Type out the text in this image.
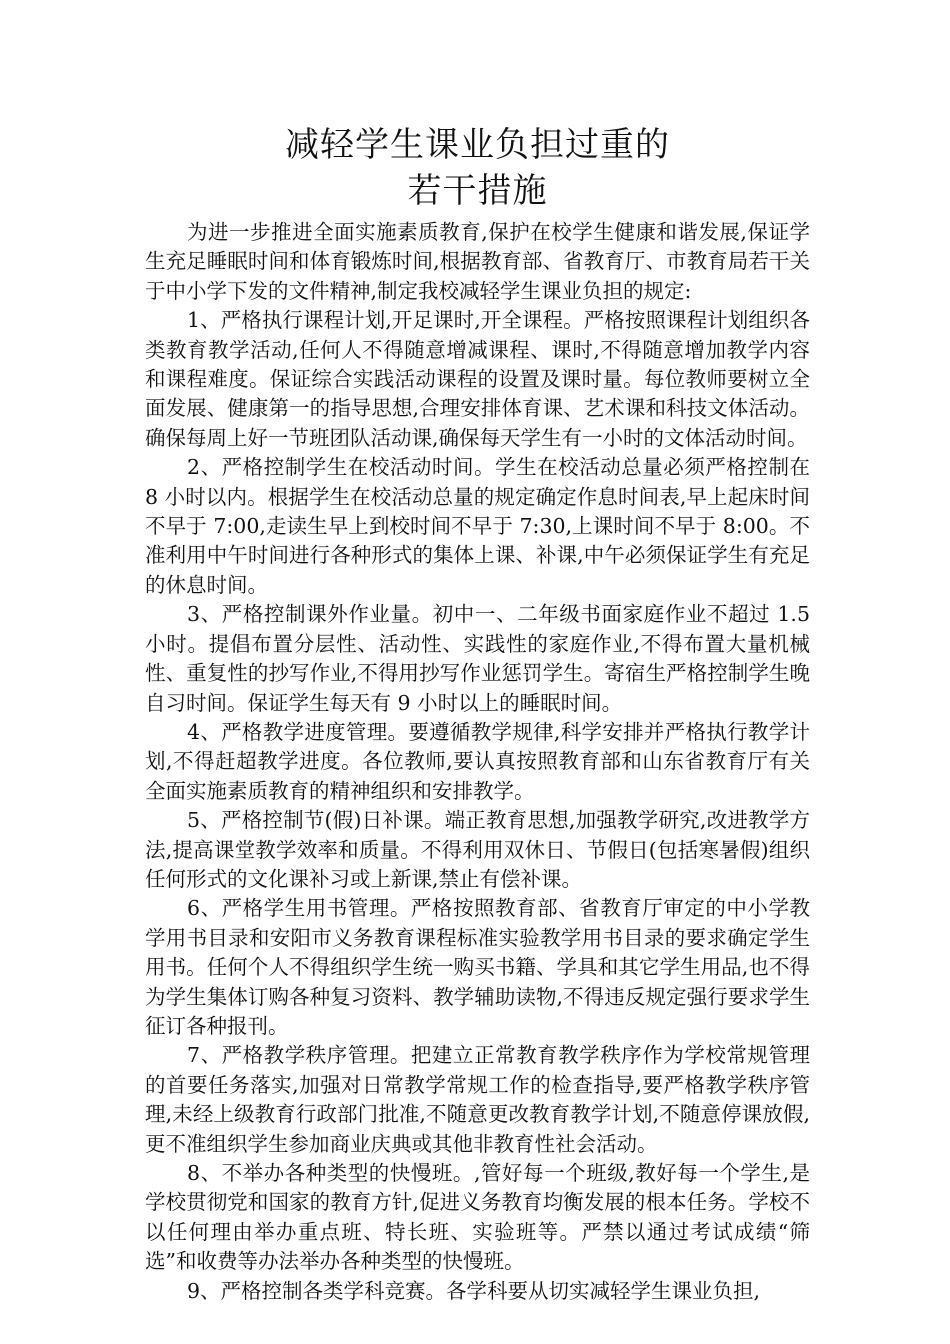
减轻学生课业负担过重的
若干措施

为进一步推进全面实施素质教育,保护在校学生健康和谐发展,保证学生充足睡眠时间和体育锻炼时间,根据教育部、省教育厅、市教育局若干关于中小学下发的文件精神,制定我校减轻学生课业负担的规定:

1、严格执行课程计划,开足课时,开全课程。严格按照课程计划组织各类教育教学活动,任何人不得随意增减课程、课时,不得随意增加教学内容和课程难度。保证综合实践活动课程的设置及课时量。每位教师要树立全面发展、健康第一的指导思想,合理安排体育课、艺术课和科技文体活动。确保每周上好一节班团队活动课,确保每天学生有一小时的文体活动时间。

2、严格控制学生在校活动时间。学生在校活动总量必须严格控制在 8 小时以内。根据学生在校活动总量的规定确定作息时间表,早上起床时间不早于 7:00,走读生早上到校时间不早于 7:30,上课时间不早于 8:00。不准利用中午时间进行各种形式的集体上课、补课,中午必须保证学生有充足的休息时间。

3、严格控制课外作业量。初中一、二年级书面家庭作业不超过 1.5 小时。提倡布置分层性、活动性、实践性的家庭作业,不得布置大量机械性、重复性的抄写作业,不得用抄写作业惩罚学生。寄宿生严格控制学生晚自习时间。保证学生每天有 9 小时以上的睡眠时间。

4、严格教学进度管理。要遵循教学规律,科学安排并严格执行教学计划,不得赶超教学进度。各位教师,要认真按照教育部和山东省教育厅有关全面实施素质教育的精神组织和安排教学。

5、严格控制节(假)日补课。端正教育思想,加强教学研究,改进教学方法,提高课堂教学效率和质量。不得利用双休日、节假日(包括寒暑假)组织任何形式的文化课补习或上新课,禁止有偿补课。

6、严格学生用书管理。严格按照教育部、省教育厅审定的中小学教学用书目录和安阳市义务教育课程标准实验教学用书目录的要求确定学生用书。任何个人不得组织学生统一购买书籍、学具和其它学生用品,也不得为学生集体订购各种复习资料、教学辅助读物,不得违反规定强行要求学生征订各种报刊。

7、严格教学秩序管理。把建立正常教育教学秩序作为学校常规管理的首要任务落实,加强对日常教学常规工作的检查指导,要严格教学秩序管理,未经上级教育行政部门批准,不随意更改教育教学计划,不随意停课放假,更不准组织学生参加商业庆典或其他非教育性社会活动。

8、不举办各种类型的快慢班。,管好每一个班级,教好每一个学生,是学校贯彻党和国家的教育方针,促进义务教育均衡发展的根本任务。学校不以任何理由举办重点班、特长班、实验班等。严禁以通过考试成绩“筛选”和收费等办法举办各种类型的快慢班。

9、严格控制各类学科竞赛。各学科要从切实减轻学生课业负担,
